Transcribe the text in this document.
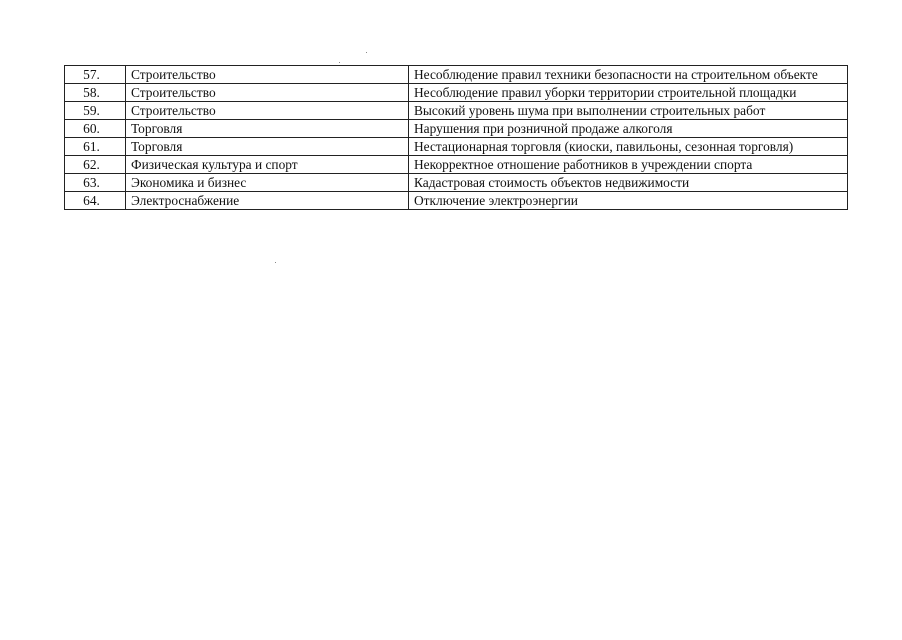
57.	Строительство	Несоблюдение правил техники безопасности на строительном объекте
58.	Строительство	Несоблюдение правил уборки территории строительной площадки
59.	Строительство	Высокий уровень шума при выполнении строительных работ
60.	Торговля	Нарушения при розничной продаже алкоголя
61.	Торговля	Нестационарная торговля (киоски, павильоны, сезонная торговля)
62.	Физическая культура и спорт	Некорректное отношение работников в учреждении спорта
63.	Экономика и бизнес	Кадастровая стоимость объектов недвижимости
64.	Электроснабжение	Отключение электроэнергии
